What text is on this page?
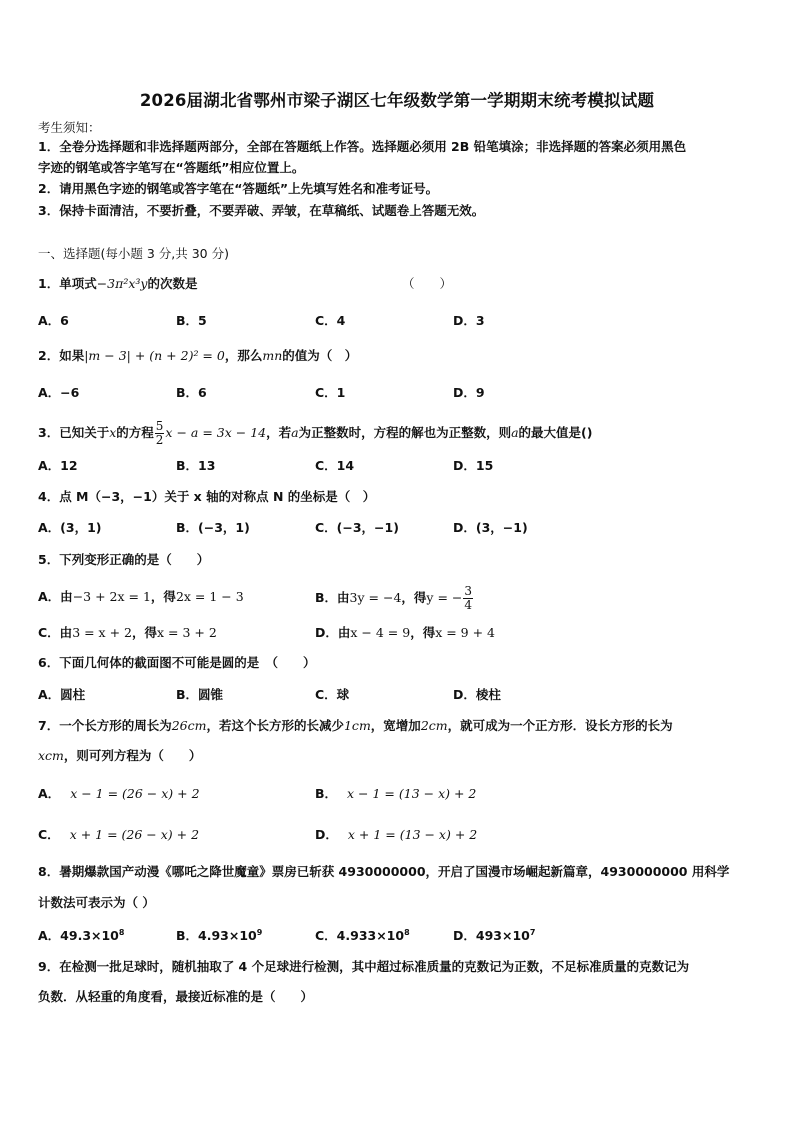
2026届湖北省鄂州市梁子湖区七年级数学第一学期期末统考模拟试题
考生须知：
1．全卷分选择题和非选择题两部分，全部在答题纸上作答。选择题必须用 2B 铅笔填涂；非选择题的答案必须用黑色
字迹的钢笔或答字笔写在“答题纸”相应位置上。
2．请用黑色字迹的钢笔或答字笔在“答题纸”上先填写姓名和准考证号。
3．保持卡面清洁，不要折叠，不要弄破、弄皱，在草稿纸、试题卷上答题无效。
一、选择题(每小题 3 分,共 30 分)
1．单项式−3π²x³y的次数是	（　　）
A．6	B．5	C．4	D．3
2．如果|m − 3| + (n + 2)² = 0，那么mn的值为（　）
A．−6	B．6	C．1	D．9
3．已知关于x的方程 $\frac{5}{2}$ x − a = 3x − 14，若a为正整数时，方程的解也为正整数，则a的最大值是()
A．12	B．13	C．14	D．15
4．点 M（−3，−1）关于 x 轴的对称点 N 的坐标是（　）
A．(3，1)	B．(−3，1)	C．(−3，−1)	D．(3，−1)
5．下列变形正确的是（　　）
A．由−3 + 2x = 1，得2x = 1 − 3	B．由3y = −4，得y = − $\frac{3}{4}$
C．由3 = x + 2，得x = 3 + 2	D．由x − 4 = 9，得x = 9 + 4
6．下面几何体的截面图不可能是圆的是　（　　）
A．圆柱	B．圆锥	C．球	D．棱柱
7．一个长方形的周长为26cm，若这个长方形的长减少1cm，宽增加2cm，就可成为一个正方形．设长方形的长为
xcm，则可列方程为（　　）
A． x − 1 = (26 − x) + 2	B． x − 1 = (13 − x) + 2
C． x + 1 = (26 − x) + 2	D． x + 1 = (13 − x) + 2
8．暑期爆款国产动漫《哪吒之降世魔童》票房已斩获 4930000000，开启了国漫市场崛起新篇章，4930000000 用科学
计数法可表示为（ ）
A．$49.3\times 10^8$	B．$4.93\times 10^9$	C．$4.933\times 10^8$	D．$493\times 10^7$
9．在检测一批足球时，随机抽取了 4 个足球进行检测，其中超过标准质量的克数记为正数，不足标准质量的克数记为
负数．从轻重的角度看，最接近标准的是（　　）
